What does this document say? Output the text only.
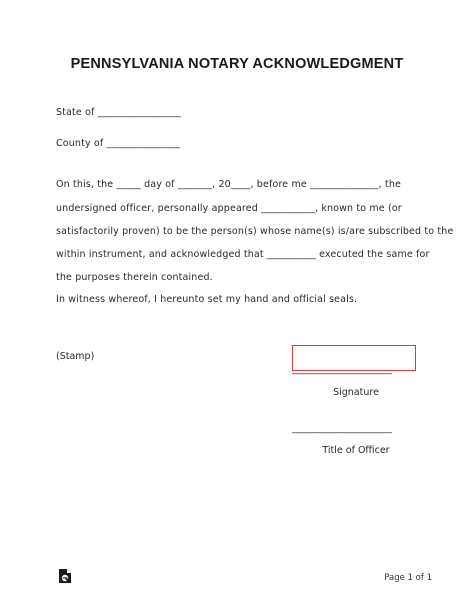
PENNSYLVANIA NOTARY ACKNOWLEDGMENT
State of _________________
County of _______________
On this, the _____ day of _______, 20____, before me ______________, the
undersigned officer, personally appeared ___________, known to me (or
satisfactorily proven) to be the person(s) whose name(s) is/are subscribed to the
within instrument, and acknowledged that __________ executed the same for
the purposes therein contained.
In witness whereof, I hereunto set my hand and official seals.
(Stamp)
_____________________
Signature
_____________________
Title of Officer
Page 1 of 1
